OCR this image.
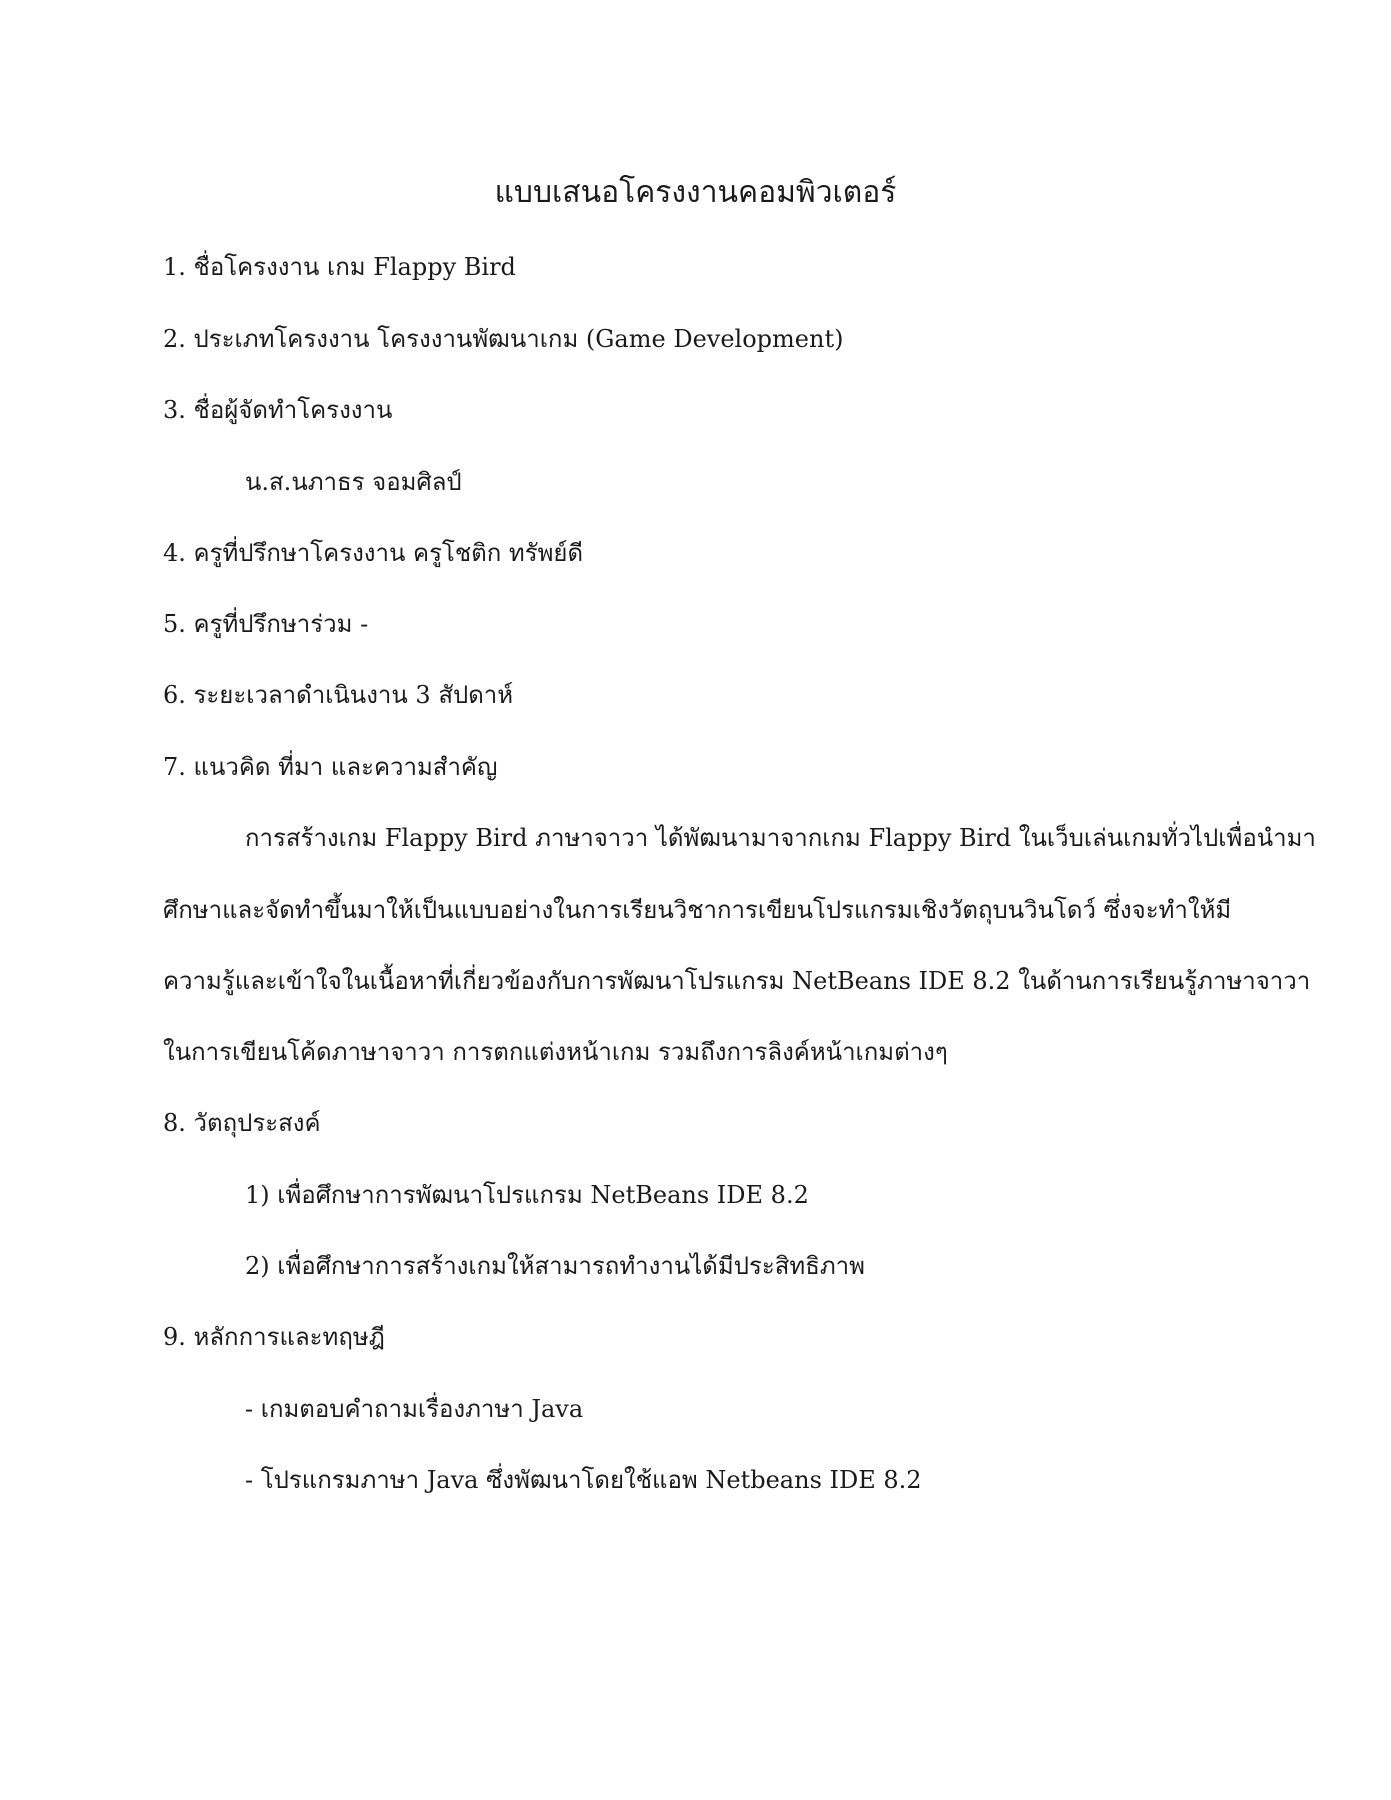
แบบเสนอโครงงานคอมพิวเตอร์
1. ชื่อโครงงาน เกม Flappy Bird
2. ประเภทโครงงาน โครงงานพัฒนาเกม (Game Development)
3. ชื่อผู้จัดทำโครงงาน
น.ส.นภาธร จอมศิลป์
4. ครูที่ปรึกษาโครงงาน ครูโชติก ทรัพย์ดี
5. ครูที่ปรึกษาร่วม -
6. ระยะเวลาดำเนินงาน 3 สัปดาห์
7. แนวคิด ที่มา และความสำคัญ
การสร้างเกม Flappy Bird ภาษาจาวา ได้พัฒนามาจากเกม Flappy Bird ในเว็บเล่นเกมทั่วไปเพื่อนำมา
ศึกษาและจัดทำขึ้นมาให้เป็นแบบอย่างในการเรียนวิชาการเขียนโปรแกรมเชิงวัตถุบนวินโดว์ ซึ่งจะทำให้มี
ความรู้และเข้าใจในเนื้อหาที่เกี่ยวข้องกับการพัฒนาโปรแกรม NetBeans IDE 8.2 ในด้านการเรียนรู้ภาษาจาวา
ในการเขียนโค้ดภาษาจาวา การตกแต่งหน้าเกม รวมถึงการลิงค์หน้าเกมต่างๆ
8. วัตถุประสงค์
1) เพื่อศึกษาการพัฒนาโปรแกรม NetBeans IDE 8.2
2) เพื่อศึกษาการสร้างเกมให้สามารถทำงานได้มีประสิทธิภาพ
9. หลักการและทฤษฎี
- เกมตอบคำถามเรื่องภาษา Java
- โปรแกรมภาษา Java ซึ่งพัฒนาโดยใช้แอพ Netbeans IDE 8.2
